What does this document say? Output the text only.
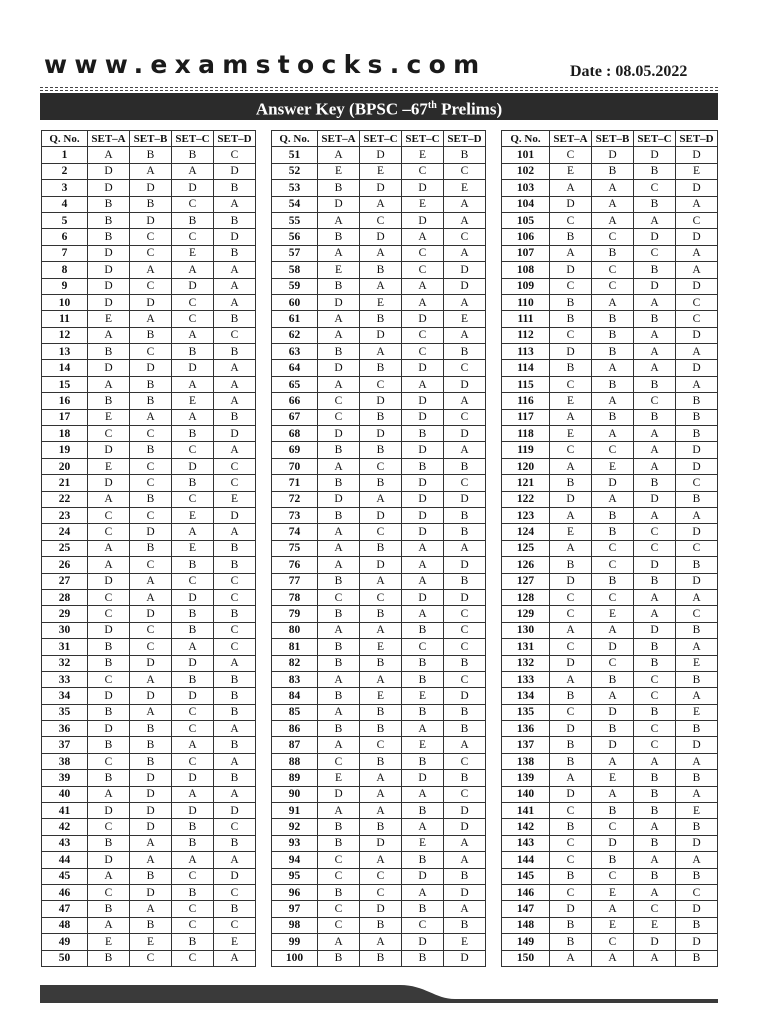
www.examstocks.com	Date : 08.05.2022
Answer Key (BPSC –67th Prelims)
Q. No.	SET–A	SET–B	SET–C	SET–D
1	A	B	B	C
2	D	A	A	D
3	D	D	D	B
4	B	B	C	A
5	B	D	B	B
6	B	C	C	D
7	D	C	E	B
8	D	A	A	A
9	D	C	D	A
10	D	D	C	A
11	E	A	C	B
12	A	B	A	C
13	B	C	B	B
14	D	D	D	A
15	A	B	A	A
16	B	B	E	A
17	E	A	A	B
18	C	C	B	D
19	D	B	C	A
20	E	C	D	C
21	D	C	B	C
22	A	B	C	E
23	C	C	E	D
24	C	D	A	A
25	A	B	E	B
26	A	C	B	B
27	D	A	C	C
28	C	A	D	C
29	C	D	B	B
30	D	C	B	C
31	B	C	A	C
32	B	D	D	A
33	C	A	B	B
34	D	D	D	B
35	B	A	C	B
36	D	B	C	A
37	B	B	A	B
38	C	B	C	A
39	B	D	D	B
40	A	D	A	A
41	D	D	D	D
42	C	D	B	C
43	B	A	B	B
44	D	A	A	A
45	A	B	C	D
46	C	D	B	C
47	B	A	C	B
48	A	B	C	C
49	E	E	B	E
50	B	C	C	A
Q. No.	SET–A	SET–C	SET–C	SET–D
51	A	D	E	B
52	E	E	C	C
53	B	D	D	E
54	D	A	E	A
55	A	C	D	A
56	B	D	A	C
57	A	A	C	A
58	E	B	C	D
59	B	A	A	D
60	D	E	A	A
61	A	B	D	E
62	A	D	C	A
63	B	A	C	B
64	D	B	D	C
65	A	C	A	D
66	C	D	D	A
67	C	B	D	C
68	D	D	B	D
69	B	B	D	A
70	A	C	B	B
71	B	B	D	C
72	D	A	D	D
73	B	D	D	B
74	A	C	D	B
75	A	B	A	A
76	A	D	A	D
77	B	A	A	B
78	C	C	D	D
79	B	B	A	C
80	A	A	B	C
81	B	E	C	C
82	B	B	B	B
83	A	A	B	C
84	B	E	E	D
85	A	B	B	B
86	B	B	A	B
87	A	C	E	A
88	C	B	B	C
89	E	A	D	B
90	D	A	A	C
91	A	A	B	D
92	B	B	A	D
93	B	D	E	A
94	C	A	B	A
95	C	C	D	B
96	B	C	A	D
97	C	D	B	A
98	C	B	C	B
99	A	A	D	E
100	B	B	B	D
Q. No.	SET–A	SET–B	SET–C	SET–D
101	C	D	D	D
102	E	B	B	E
103	A	A	C	D
104	D	A	B	A
105	C	A	A	C
106	B	C	D	D
107	A	B	C	A
108	D	C	B	A
109	C	C	D	D
110	B	A	A	C
111	B	B	B	C
112	C	B	A	D
113	D	B	A	A
114	B	A	A	D
115	C	B	B	A
116	E	A	C	B
117	A	B	B	B
118	E	A	A	B
119	C	C	A	D
120	A	E	A	D
121	B	D	B	C
122	D	A	D	B
123	A	B	A	A
124	E	B	C	D
125	A	C	C	C
126	B	C	D	B
127	D	B	B	D
128	C	C	A	A
129	C	E	A	C
130	A	A	D	B
131	C	D	B	A
132	D	C	B	E
133	A	B	C	B
134	B	A	C	A
135	C	D	B	E
136	D	B	C	B
137	B	D	C	D
138	B	A	A	A
139	A	E	B	B
140	D	A	B	A
141	C	B	B	E
142	B	C	A	B
143	C	D	B	D
144	C	B	A	A
145	B	C	B	B
146	C	E	A	C
147	D	A	C	D
148	B	E	E	B
149	B	C	D	D
150	A	A	A	B
